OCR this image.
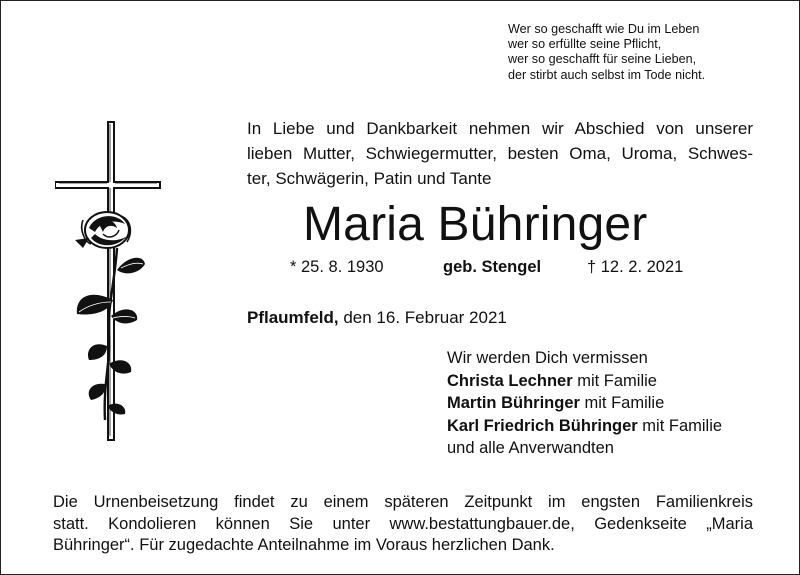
Wer so geschafft wie Du im Leben
wer so erfüllte seine Pflicht,
wer so geschafft für seine Lieben,
der stirbt auch selbst im Tode nicht.
In Liebe und Dankbarkeit nehmen wir Abschied von unserer
lieben Mutter, Schwiegermutter, besten Oma, Uroma, Schwes-
ter, Schwägerin, Patin und Tante
Maria Bühringer
* 25. 8. 1930	geb. Stengel	† 12. 2. 2021
Pflaumfeld, den 16. Februar 2021
Wir werden Dich vermissen
Christa Lechner mit Familie
Martin Bühringer mit Familie
Karl Friedrich Bühringer mit Familie
und alle Anverwandten
Die Urnenbeisetzung findet zu einem späteren Zeitpunkt im engsten Familienkreis
statt. Kondolieren können Sie unter www.bestattungbauer.de, Gedenkseite „Maria
Bühringer“. Für zugedachte Anteilnahme im Voraus herzlichen Dank.
